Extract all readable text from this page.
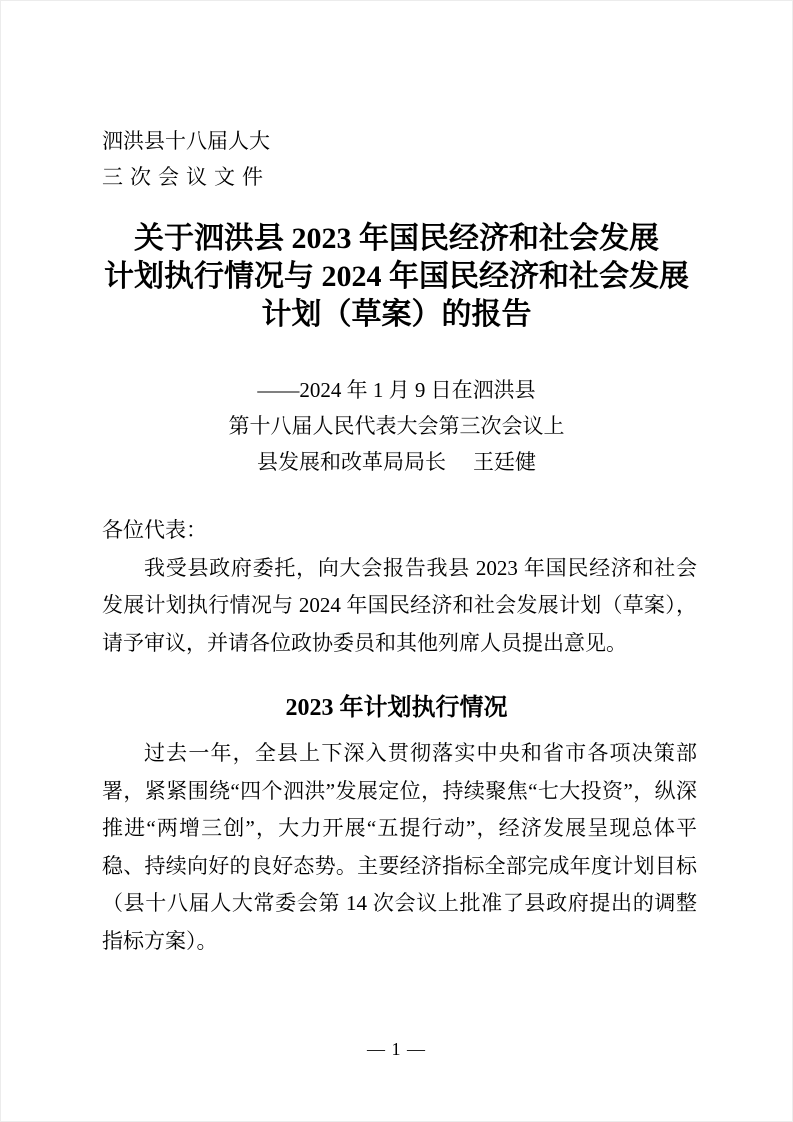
泗洪县十八届人大
三次会议文件
关于泗洪县 2023 年国民经济和社会发展
计划执行情况与 2024 年国民经济和社会发展
计划（草案）的报告
——2024 年 1 月 9 日在泗洪县
第十八届人民代表大会第三次会议上
县发展和改革局局长 王廷健

各位代表：

我受县政府委托，向大会报告我县 2023 年国民经济和社会发展计划执行情况与 2024 年国民经济和社会发展计划（草案），请予审议，并请各位政协委员和其他列席人员提出意见。

2023 年计划执行情况

过去一年，全县上下深入贯彻落实中央和省市各项决策部署，紧紧围绕“四个泗洪”发展定位，持续聚焦“七大投资”，纵深推进“两增三创”，大力开展“五提行动”，经济发展呈现总体平稳、持续向好的良好态势。主要经济指标全部完成年度计划目标（县十八届人大常委会第 14 次会议上批准了县政府提出的调整指标方案）。

— 1 —
